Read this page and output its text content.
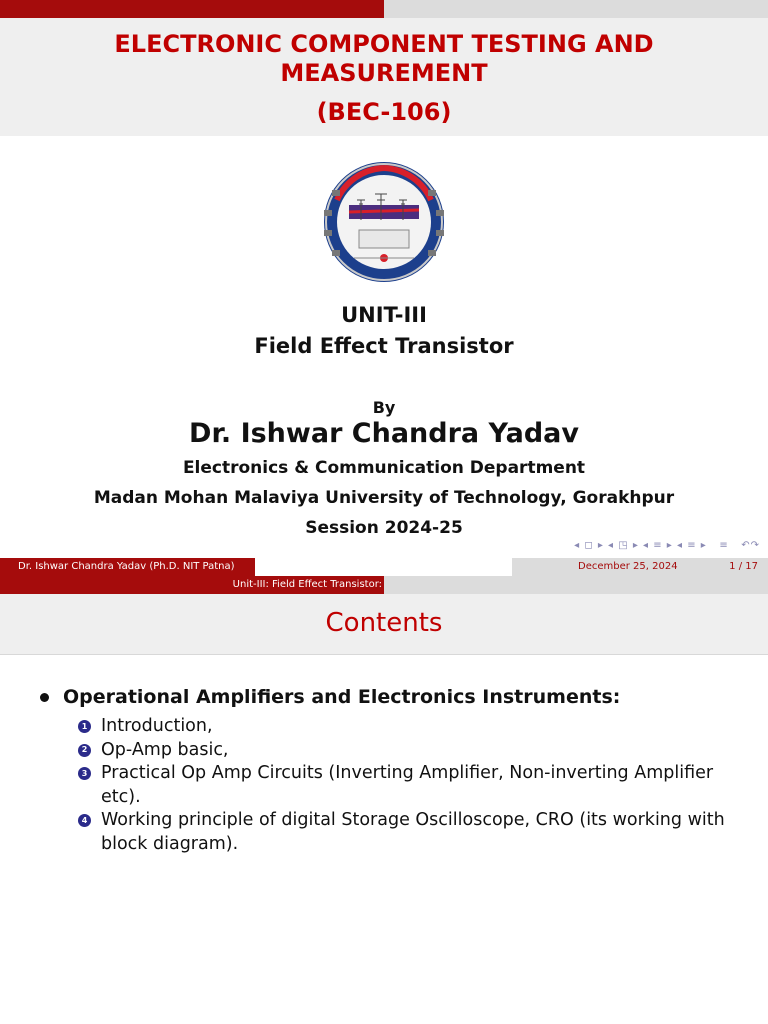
ELECTRONIC COMPONENT TESTING AND
MEASUREMENT
(BEC-106)
UNIT-III
Field Effect Transistor
By
Dr. Ishwar Chandra Yadav
Electronics & Communication Department
Madan Mohan Malaviya University of Technology, Gorakhpur
Session 2024-25
◂ ◻ ▸ ◂ ◳ ▸ ◂ ≡ ▸ ◂ ≡ ▸   ≡   ↶↷
Dr. Ishwar Chandra Yadav (Ph.D. NIT Patna)	December 25, 2024	1 / 17
Unit-III: Field Effect Transistor:
Contents
Operational Amplifiers and Electronics Instruments:
1 Introduction,
2 Op-Amp basic,
3 Practical Op Amp Circuits (Inverting Amplifier, Non-inverting Amplifier etc).
4 Working principle of digital Storage Oscilloscope, CRO (its working with block diagram).
